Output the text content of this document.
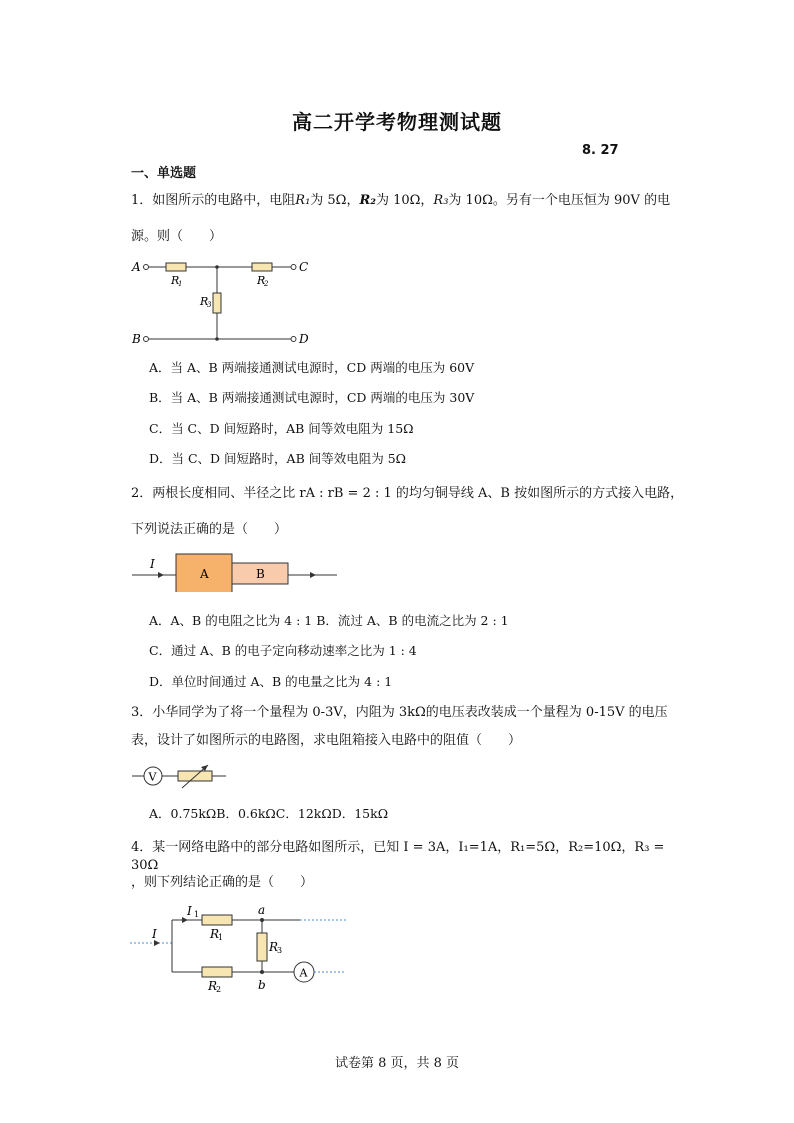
高二开学考物理测试题
8. 27
一、单选题
1．如图所示的电路中，电阻R₁为 5Ω，R₂为 10Ω，R₃为 10Ω。另有一个电压恒为 90V 的电
源。则（　　）
A	C
B	D
R
1	R
2
R
3
A．当 A、B 两端接通测试电源时，CD 两端的电压为 60V
B．当 A、B 两端接通测试电源时，CD 两端的电压为 30V
C．当 C、D 间短路时，AB 间等效电阻为 15Ω
D．当 C、D 间短路时，AB 间等效电阻为 5Ω
2．两根长度相同、半径之比 rA : rB = 2 : 1 的均匀铜导线 A、B 按如图所示的方式接入电路，
下列说法正确的是（　　）
I
A	B
A．A、B 的电阻之比为 4 : 1 B．流过 A、B 的电流之比为 2 : 1
C．通过 A、B 的电子定向移动速率之比为 1 : 4
D．单位时间通过 A、B 的电量之比为 4 : 1
3．小华同学为了将一个量程为 0-3V，内阻为 3kΩ的电压表改装成一个量程为 0-15V 的电压
表，设计了如图所示的电路图，求电阻箱接入电路中的阻值（　　）
V
A．0.75kΩB．0.6kΩC．12kΩD．15kΩ
4．某一网络电路中的部分电路如图所示，已知 I = 3A，I₁=1A，R₁=5Ω，R₂=10Ω，R₃ = 30Ω
，则下列结论正确的是（　　）
I
I 1
R
1
a
R
3
b
R
2
A
试卷第 8 页，共 8 页
